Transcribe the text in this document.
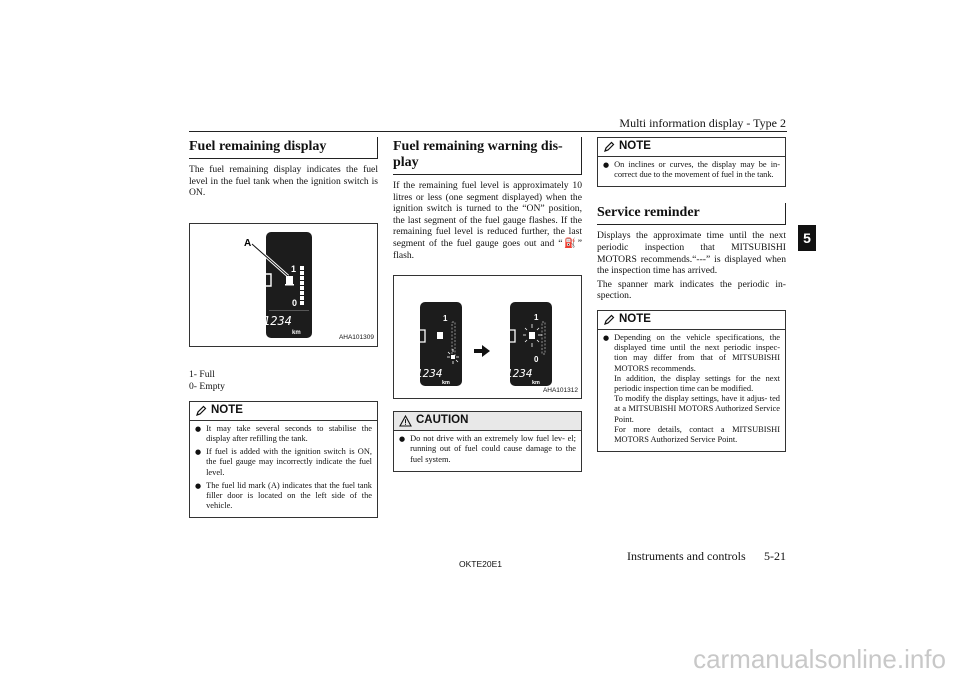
Multi information display - Type 2
5
Fuel remaining display

The fuel remaining display indicates the fuel level in the fuel tank when the ignition switch is ON.

A
1
0
1234
km
AHA101309
1- Full
0- Empty
NOTE
● It may take several seconds to stabilise the display after refilling the tank.
● If fuel is added with the ignition switch is ON, the fuel gauge may incorrectly indicate the fuel level.
● The fuel lid mark (A) indicates that the fuel tank filler door is located on the left side of the vehicle.
Fuel remaining warning dis- play

If the remaining fuel level is approximately 10 litres or less (one segment displayed) when the ignition switch is turned to the “ON” position, the last segment of the fuel gauge flashes. If the remaining fuel level is reduced further, the last segment of the fuel gauge goes out and “⛽” flash.

1
1234
km
1
0
1234
km
AHA101312
CAUTION
● Do not drive with an extremely low fuel lev- el; running out of fuel could cause damage to the fuel system.
NOTE
● On inclines or curves, the display may be in- correct due to the movement of fuel in the tank.
Service reminder

Displays the approximate time until the next periodic inspection that MITSUBISHI MOTORS recommends.“---” is displayed when the inspection time has arrived.

The spanner mark indicates the periodic in- spection.

NOTE
● Depending on the vehicle specifications, the displayed time until the next periodic inspec- tion may differ from that of MITSUBISHI MOTORS recommends.
In addition, the display settings for the next periodic inspection time can be modified.
To modify the display settings, have it adjus- ted at a MITSUBISHI MOTORS Authorized Service Point.
For more details, contact a MITSUBISHI MOTORS Authorized Service Point.
OKTE20E1
Instruments and controls 5-21
carmanualsonline.info
